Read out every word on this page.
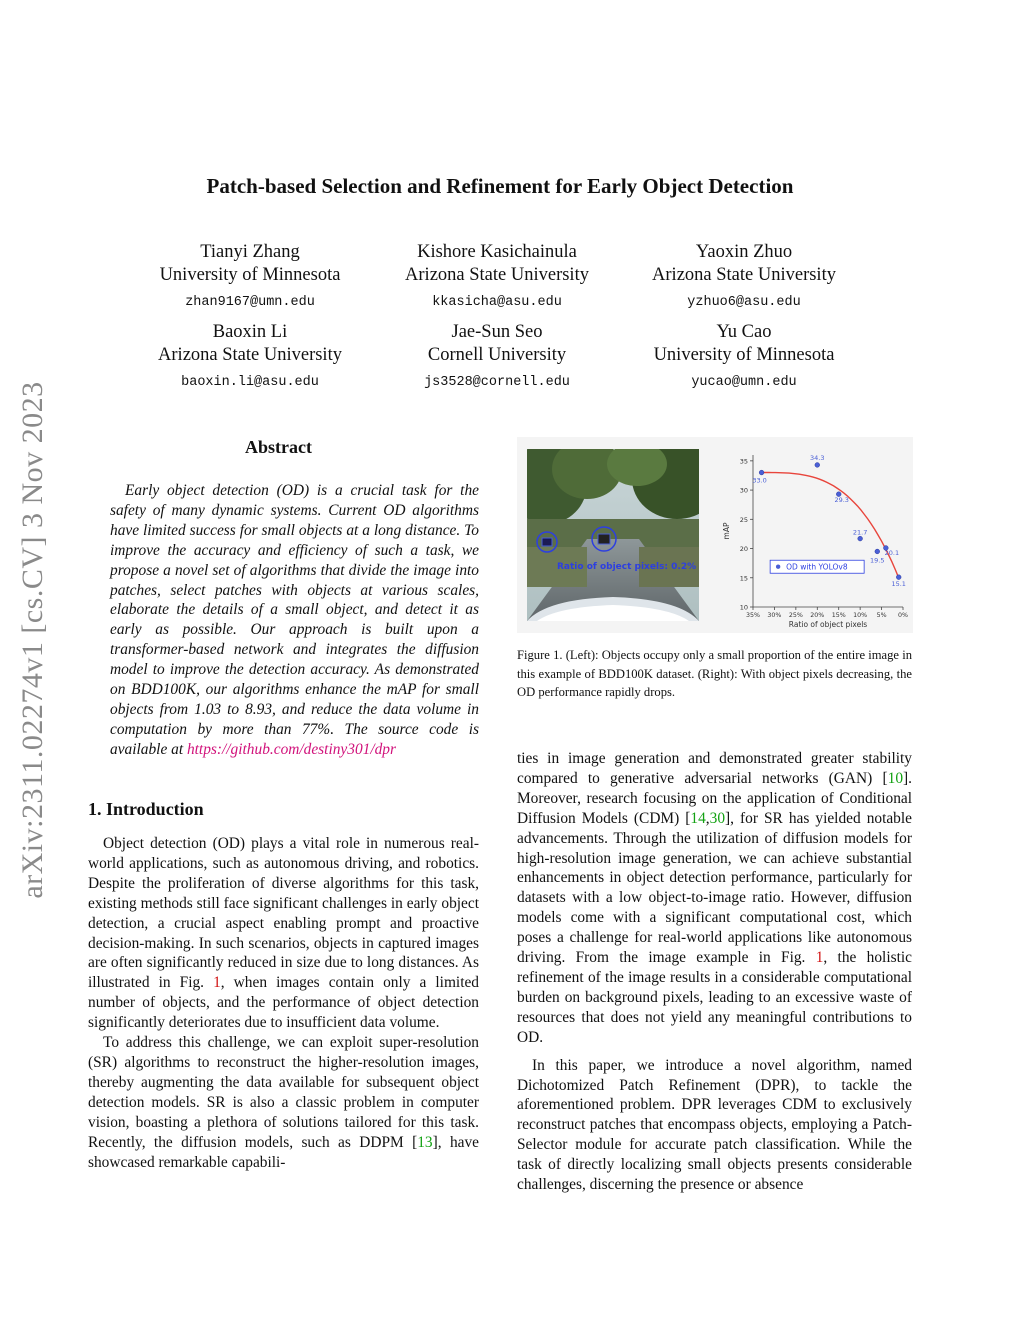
arXiv:2311.02274v1 [cs.CV] 3 Nov 2023
Patch-based Selection and Refinement for Early Object Detection
Tianyi Zhang
University of Minnesota
zhan9167@umn.edu
Kishore Kasichainula
Arizona State University
kkasicha@asu.edu
Yaoxin Zhuo
Arizona State University
yzhuo6@asu.edu
Baoxin Li
Arizona State University
baoxin.li@asu.edu
Jae-Sun Seo
Cornell University
js3528@cornell.edu
Yu Cao
University of Minnesota
yucao@umn.edu
Abstract
Early object detection (OD) is a crucial task for the safety of many dynamic systems. Current OD algorithms have limited success for small objects at a long distance. To improve the accuracy and efficiency of such a task, we propose a novel set of algorithms that divide the image into patches, select patches with objects at various scales, elaborate the details of a small object, and detect it as early as possible. Our approach is built upon a transformer-based network and integrates the diffusion model to improve the detection accuracy. As demonstrated on BDD100K, our algorithms enhance the mAP for small objects from 1.03 to 8.93, and reduce the data volume in computation by more than 77%. The source code is available at https://github.com/destiny301/dpr
1. Introduction

Object detection (OD) plays a vital role in numerous real-world applications, such as autonomous driving, and robotics. Despite the proliferation of diverse algorithms for this task, existing methods still face significant challenges in early object detection, a crucial aspect enabling prompt and proactive decision-making. In such scenarios, objects in captured images are often significantly reduced in size due to long distances. As illustrated in Fig. 1, when images contain only a limited number of objects, and the performance of object detection significantly deteriorates due to insufficient data volume.

To address this challenge, we can exploit super-resolution (SR) algorithms to reconstruct the higher-resolution images, thereby augmenting the data available for subsequent object detection models. SR is also a classic problem in computer vision, boasting a plethora of solutions tailored for this task. Recently, the diffusion models, such as DDPM [13], have showcased remarkable capabili-

Ratio of object pixels: 0.2%
10
15
20
25
30
35
35% 30% 25% 20% 15% 10% 5% 0%
Ratio of object pixels
mAP
33.0
34.3
29.3
21.7
19.5
20.1
15.1
OD with YOLOv8
Figure 1. (Left): Objects occupy only a small proportion of the entire image in this example of BDD100K dataset. (Right): With object pixels decreasing, the OD performance rapidly drops.

ties in image generation and demonstrated greater stability compared to generative adversarial networks (GAN) [10]. Moreover, research focusing on the application of Conditional Diffusion Models (CDM) [14,30], for SR has yielded notable advancements. Through the utilization of diffusion models for high-resolution image generation, we can achieve substantial enhancements in object detection performance, particularly for datasets with a low object-to-image ratio. However, diffusion models come with a significant computational cost, which poses a challenge for real-world applications like autonomous driving. From the image example in Fig. 1, the holistic refinement of the image results in a considerable computational burden on background pixels, leading to an excessive waste of resources that does not yield any meaningful contributions to OD.

In this paper, we introduce a novel algorithm, named Dichotomized Patch Refinement (DPR), to tackle the aforementioned problem. DPR leverages CDM to exclusively reconstruct patches that encompass objects, employing a Patch-Selector module for accurate patch classification. While the task of directly localizing small objects presents considerable challenges, discerning the presence or absence
